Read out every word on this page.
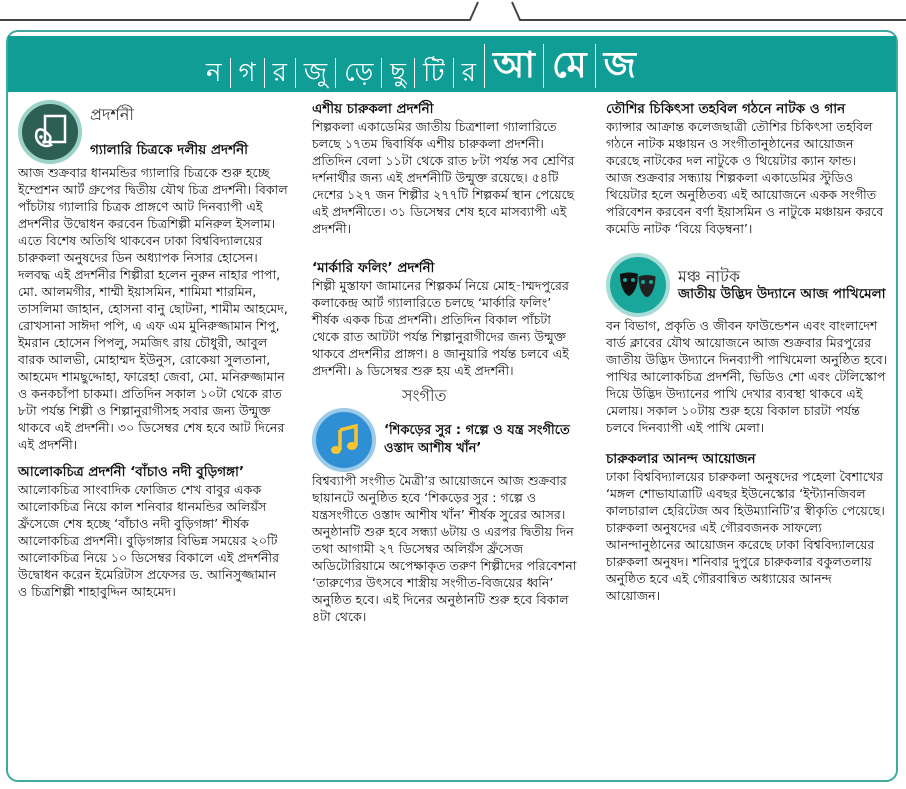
ন গ র জু ড়ে ছু টি র আ মে জ
প্রদর্শনী
গ্যালারি চিত্রকে দলীয় প্রদর্শনী

আজ শুক্রবার ধানমন্ডির গ্যালারি চিত্রকে শুরু হচ্ছে ইম্প্রেশন আর্ট গ্রুপের দ্বিতীয় যৌথ চিত্র প্রদর্শনী। বিকাল পাঁচটায় গ্যালারি চিত্রক প্রাঙ্গণে আট দিনব্যাপী এই প্রদর্শনীর উদ্বোধন করবেন চিত্রশিল্পী মনিরুল ইসলাম। এতে বিশেষ অতিথি থাকবেন ঢাকা বিশ্ববিদ্যালয়ের চারুকলা অনুষদের ডিন অধ্যাপক নিসার হোসেন।

দলবদ্ধ এই প্রদর্শনীর শিল্পীরা হলেন নুরুন নাহার পাপা, মো. আলমগীর, শাম্মী ইয়াসমিন, শামিমা শারমিন, তাসলিমা জাহান, হোসনা বানু ছোটনা, শামীম আহমেদ, রোখসানা সাঈদা পপি, এ এফ এম মুনিরুজ্জামান শিপু, ইমরান হোসেন পিপলু, সমজিৎ রায় চৌধুরী, আবুল বারক আলভী, মোহাম্মদ ইউনুস, রোকেয়া সুলতানা, আহমেদ শামছুদ্দোহা, ফারেহা জেবা, মো. মনিরুজ্জামান ও কনকচাঁপা চাকমা। প্রতিদিন সকাল ১০টা থেকে রাত ৮টা পর্যন্ত শিল্পী ও শিল্পানুরাগীসহ সবার জন্য উন্মুক্ত থাকবে এই প্রদর্শনী। ৩০ ডিসেম্বর শেষ হবে আট দিনের এই প্রদর্শনী।

আলোকচিত্র প্রদর্শনী ‘বাঁচাও নদী বুড়িগঙ্গা’

আলোকচিত্র সাংবাদিক ফোজিত শেখ বাবুর একক আলোকচিত্র নিয়ে কাল শনিবার ধানমন্ডির অলিয়ঁস ফ্রঁসেজে শেষ হচ্ছে ‘বাঁচাও নদী বুড়িগঙ্গা’ শীর্ষক আলোকচিত্র প্রদর্শনী। বুড়িগঙ্গার বিভিন্ন সময়ের ২০টি আলোকচিত্র নিয়ে ১০ ডিসেম্বর বিকালে এই প্রদর্শনীর উদ্বোধন করেন ইমেরিটাস প্রফেসর ড. আনিসুজ্জামান ও চিত্রশিল্পী শাহাবুদ্দিন আহমেদ।

এশীয় চারুকলা প্রদর্শনী

শিল্পকলা একাডেমির জাতীয় চিত্রশালা গ্যালারিতে চলছে ১৭তম দ্বিবার্ষিক এশীয় চারুকলা প্রদর্শনী। প্রতিদিন বেলা ১১টা থেকে রাত ৮টা পর্যন্ত সব শ্রেণির দর্শনার্থীর জন্য এই প্রদর্শনীটি উন্মুক্ত রয়েছে। ৫৪টি দেশের ১২৭ জন শিল্পীর ২৭৭টি শিল্পকর্ম স্থান পেয়েছে এই প্রদর্শনীতে। ৩১ ডিসেম্বর শেষ হবে মাসব্যাপী এই প্রদর্শনী।

‘মার্কারি ফলিং’ প্রদর্শনী

শিল্পী মুস্তাফা জামানের শিল্পকর্ম নিয়ে মোহ-াম্মদপুরের কলাকেন্দ্র আর্ট গ্যালারিতে চলছে ‘মার্কারি ফলিং’ শীর্ষক একক চিত্র প্রদর্শনী। প্রতিদিন বিকাল পাঁচটা থেকে রাত আটটা পর্যন্ত শিল্পানুরাগীদের জন্য উন্মুক্ত থাকবে প্রদর্শনীর প্রাঙ্গণ। ৪ জানুয়ারি পর্যন্ত চলবে এই প্রদর্শনী। ৯ ডিসেম্বর শুরু হয় এই প্রদর্শনী।

সংগীত
‘শিকড়ের সুর : গল্পে ও যন্ত্র সংগীতে ওস্তাদ আশীষ খাঁন’

বিশ্বব্যাপী সংগীত মৈত্রী’র আয়োজনে আজ শুক্রবার ছায়ানটে অনুষ্ঠিত হবে ‘শিকড়ের সুর : গল্পে ও যন্ত্রসংগীতে ওস্তাদ আশীষ খাঁন’ শীর্ষক সুরের আসর। অনুষ্ঠানটি শুরু হবে সন্ধ্যা ৬টায় ও এরপর দ্বিতীয় দিন তথা আগামী ২৭ ডিসেম্বর অলিয়ঁস ফ্রঁসেজ অডিটোরিয়ামে অপেক্ষাকৃত তরুণ শিল্পীদের পরিবেশনা ‘তারুণ্যের উৎসবে শাস্ত্রীয় সংগীত-বিজয়ের ধ্বনি’ অনুষ্ঠিত হবে। এই দিনের অনুষ্ঠানটি শুরু হবে বিকাল ৪টা থেকে।

তৌশির চিকিৎসা তহবিল গঠনে নাটক ও গান

ক্যান্সার আক্রান্ত কলেজছাত্রী তৌশির চিকিৎসা তহবিল গঠনে নাটক মঞ্চায়ন ও সংগীতানুষ্ঠানের আয়োজন করেছে নাটকের দল নাটুকে ও থিয়েটার ক্যান ফান্ড।

আজ শুক্রবার সন্ধ্যায় শিল্পকলা একাডেমির স্টুডিও থিয়েটার হলে অনুষ্ঠিতব্য এই আয়োজনে একক সংগীত পরিবেশন করবেন বর্ণা ইয়াসমিন ও নাটুকে মঞ্চায়ন করবে কমেডি নাটক ‘বিয়ে বিড়ম্বনা’।

মঞ্চ নাটক
জাতীয় উদ্ভিদ উদ্যানে আজ পাখিমেলা

বন বিভাগ, প্রকৃতি ও জীবন ফাউন্ডেশন এবং বাংলাদেশ বার্ড ক্লাবের যৌথ আয়োজনে আজ শুক্রবার মিরপুরের জাতীয় উদ্ভিদ উদ্যানে দিনব্যাপী পাখিমেলা অনুষ্ঠিত হবে। পাখির আলোকচিত্র প্রদর্শনী, ভিডিও শো এবং টেলিস্কোপ দিয়ে উদ্ভিদ উদ্যানের পাখি দেখার ব্যবস্থা থাকবে এই মেলায়। সকাল ১০টায় শুরু হয়ে বিকাল চারটা পর্যন্ত চলবে দিনব্যাপী এই পাখি মেলা।

চারুকলার আনন্দ আয়োজন

ঢাকা বিশ্ববিদ্যালয়ের চারুকলা অনুষদের পহেলা বৈশাখের ‘মঙ্গল শোভাযাত্রাটি এবছর ইউনেস্কোর ‘ইন্ট্যানজিবল কালচারাল হেরিটেজ অব হিউম্যানিটি’র স্বীকৃতি পেয়েছে। চারুকলা অনুষদের এই গৌরবজনক সাফল্যে আনন্দানুষ্ঠানের আয়োজন করেছে ঢাকা বিশ্ববিদ্যালয়ের চারুকলা অনুষদ। শনিবার দুপুরে চারুকলার বকুলতলায় অনুষ্ঠিত হবে এই গৌরবান্বিত অধ্যায়ের আনন্দ আয়োজন।
